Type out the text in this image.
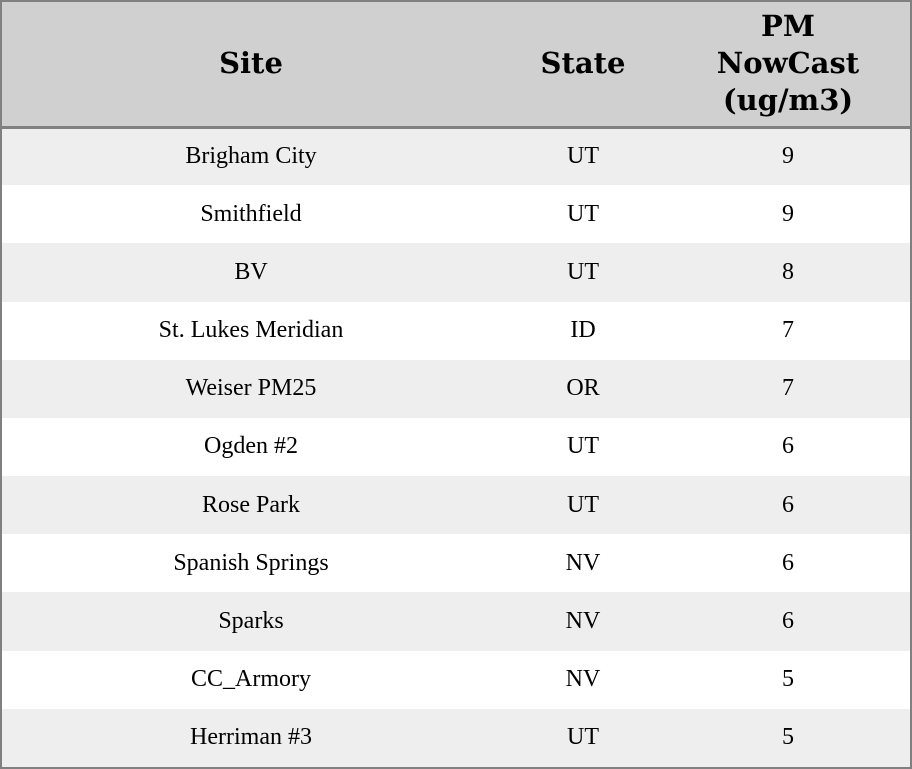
Site	State	PM NowCast (ug/m3)
Brigham City	UT	9
Smithfield	UT	9
BV	UT	8
St. Lukes Meridian	ID	7
Weiser PM25	OR	7
Ogden #2	UT	6
Rose Park	UT	6
Spanish Springs	NV	6
Sparks	NV	6
CC_Armory	NV	5
Herriman #3	UT	5
